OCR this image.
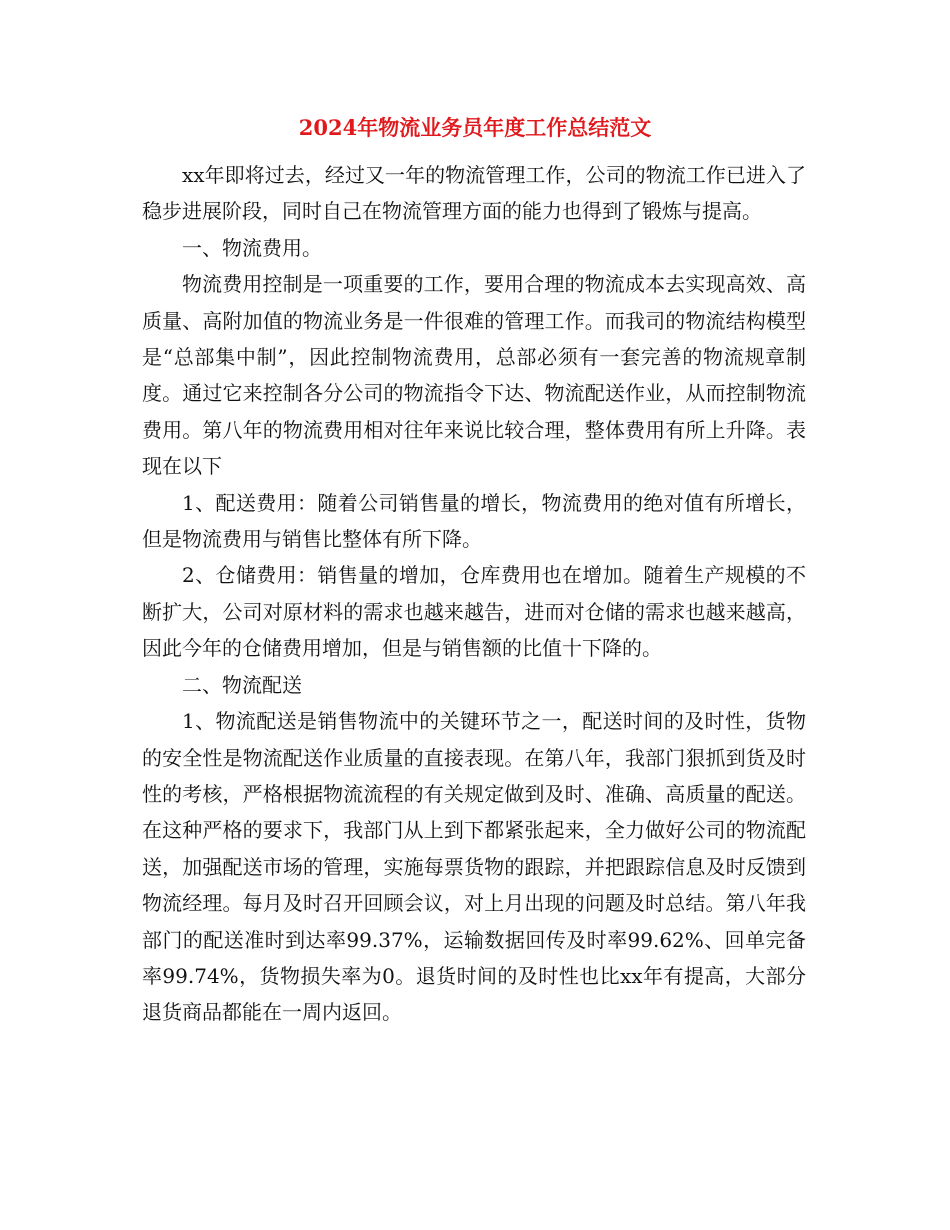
2024年物流业务员年度工作总结范文

xx年即将过去，经过又一年的物流管理工作，公司的物流工作已进入了稳步进展阶段，同时自己在物流管理方面的能力也得到了锻炼与提高。

一、物流费用。

物流费用控制是一项重要的工作，要用合理的物流成本去实现高效、高质量、高附加值的物流业务是一件很难的管理工作。而我司的物流结构模型是“总部集中制”，因此控制物流费用，总部必须有一套完善的物流规章制度。通过它来控制各分公司的物流指令下达、物流配送作业，从而控制物流费用。第八年的物流费用相对往年来说比较合理，整体费用有所上升降。表现在以下

1、配送费用：随着公司销售量的增长，物流费用的绝对值有所增长，但是物流费用与销售比整体有所下降。

2、仓储费用：销售量的增加，仓库费用也在增加。随着生产规模的不断扩大，公司对原材料的需求也越来越告，进而对仓储的需求也越来越高，因此今年的仓储费用增加，但是与销售额的比值十下降的。

二、物流配送

1、物流配送是销售物流中的关键环节之一，配送时间的及时性，货物的安全性是物流配送作业质量的直接表现。在第八年，我部门狠抓到货及时性的考核，严格根据物流流程的有关规定做到及时、准确、高质量的配送。在这种严格的要求下，我部门从上到下都紧张起来，全力做好公司的物流配送，加强配送市场的管理，实施每票货物的跟踪，并把跟踪信息及时反馈到物流经理。每月及时召开回顾会议，对上月出现的问题及时总结。第八年我部门的配送准时到达率99.37%，运输数据回传及时率99.62%、回单完备率99.74%，货物损失率为0。退货时间的及时性也比xx年有提高，大部分退货商品都能在一周内返回。
